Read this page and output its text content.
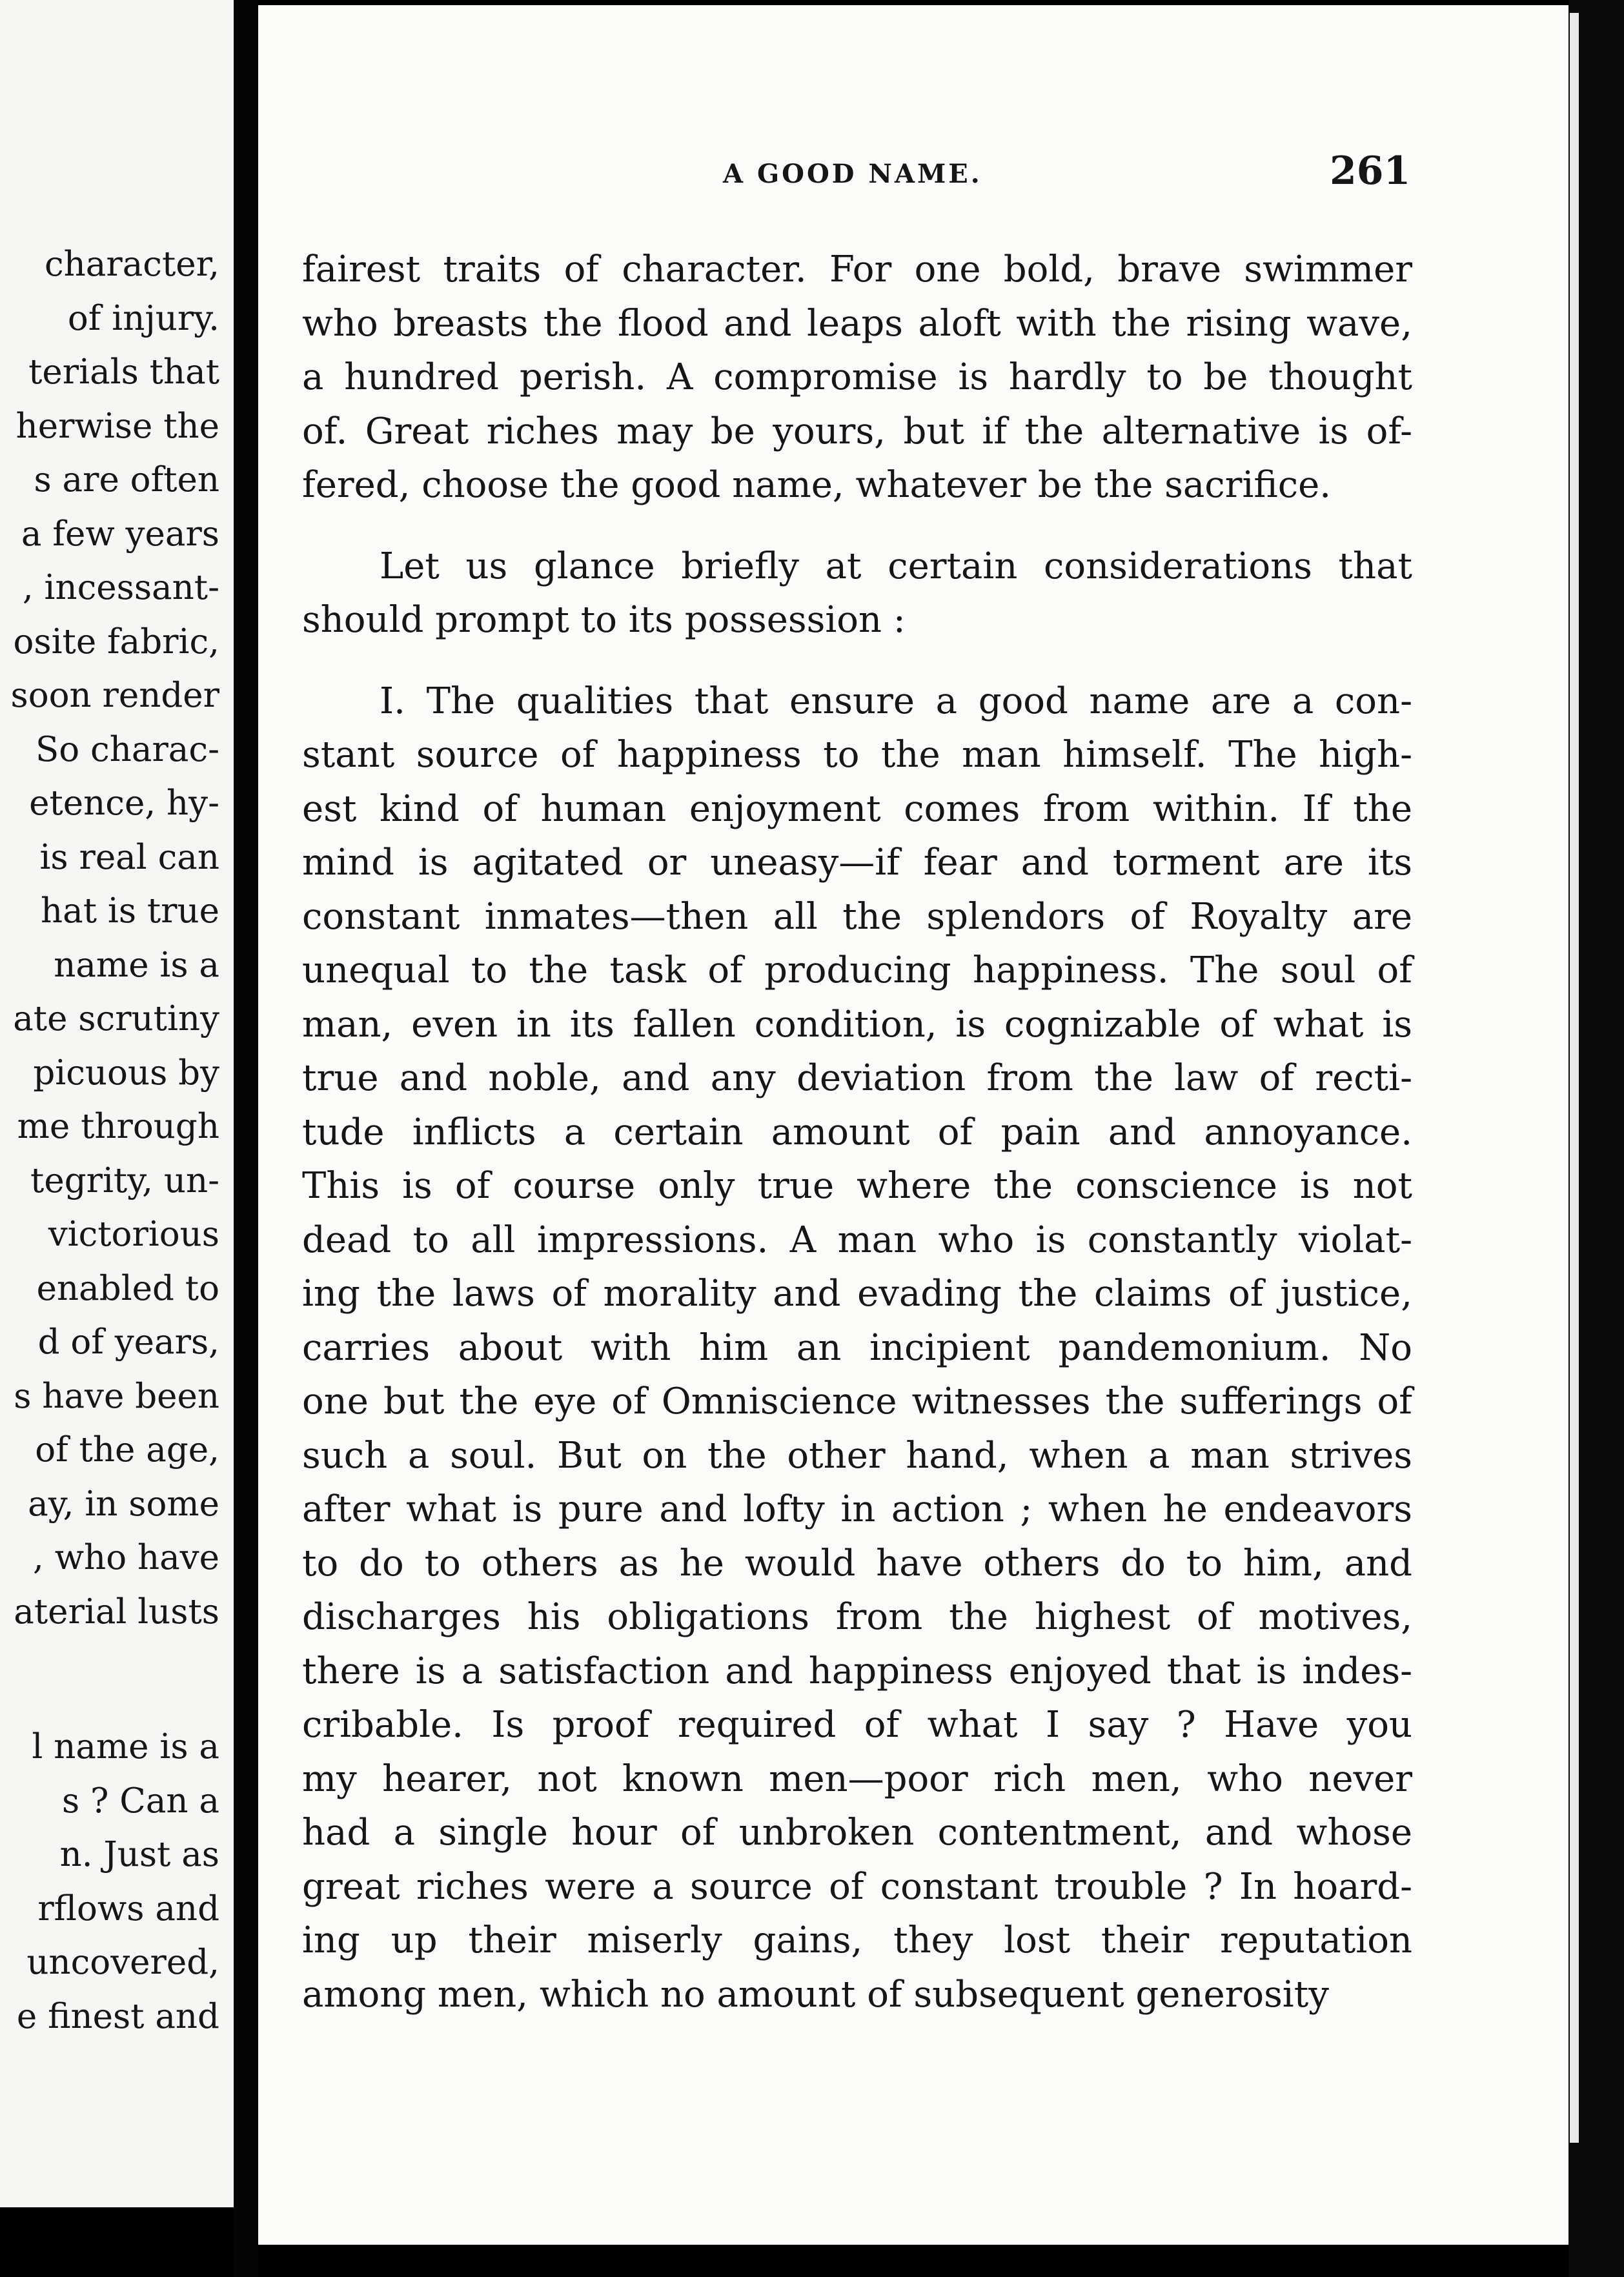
character,
of injury.
terials that
herwise the
s are often
a few years
, incessant-
osite fabric,
soon render
So charac-
etence, hy-
is real can
hat is true
name is a
ate scrutiny
picuous by
me through
tegrity, un-
victorious
enabled to
d of years,
s have been
of the age,
ay, in some
, who have
aterial lusts
l name is a
s ? Can a
n. Just as
rflows and
uncovered,
e finest and
A GOOD NAME.	261
fairest traits of character. For one bold, brave swimmer
who breasts the flood and leaps aloft with the rising wave,
a hundred perish. A compromise is hardly to be thought
of. Great riches may be yours, but if the alternative is of-
fered, choose the good name, whatever be the sacrifice.
Let us glance briefly at certain considerations that
should prompt to its possession :
I. The qualities that ensure a good name are a con-
stant source of happiness to the man himself. The high-
est kind of human enjoyment comes from within. If the
mind is agitated or uneasy—if fear and torment are its
constant inmates—then all the splendors of Royalty are
unequal to the task of producing happiness. The soul of
man, even in its fallen condition, is cognizable of what is
true and noble, and any deviation from the law of recti-
tude inflicts a certain amount of pain and annoyance.
This is of course only true where the conscience is not
dead to all impressions. A man who is constantly violat-
ing the laws of morality and evading the claims of justice,
carries about with him an incipient pandemonium. No
one but the eye of Omniscience witnesses the sufferings of
such a soul. But on the other hand, when a man strives
after what is pure and lofty in action ; when he endeavors
to do to others as he would have others do to him, and
discharges his obligations from the highest of motives,
there is a satisfaction and happiness enjoyed that is indes-
cribable. Is proof required of what I say ? Have you
my hearer, not known men—poor rich men, who never
had a single hour of unbroken contentment, and whose
great riches were a source of constant trouble ? In hoard-
ing up their miserly gains, they lost their reputation
among men, which no amount of subsequent generosity
